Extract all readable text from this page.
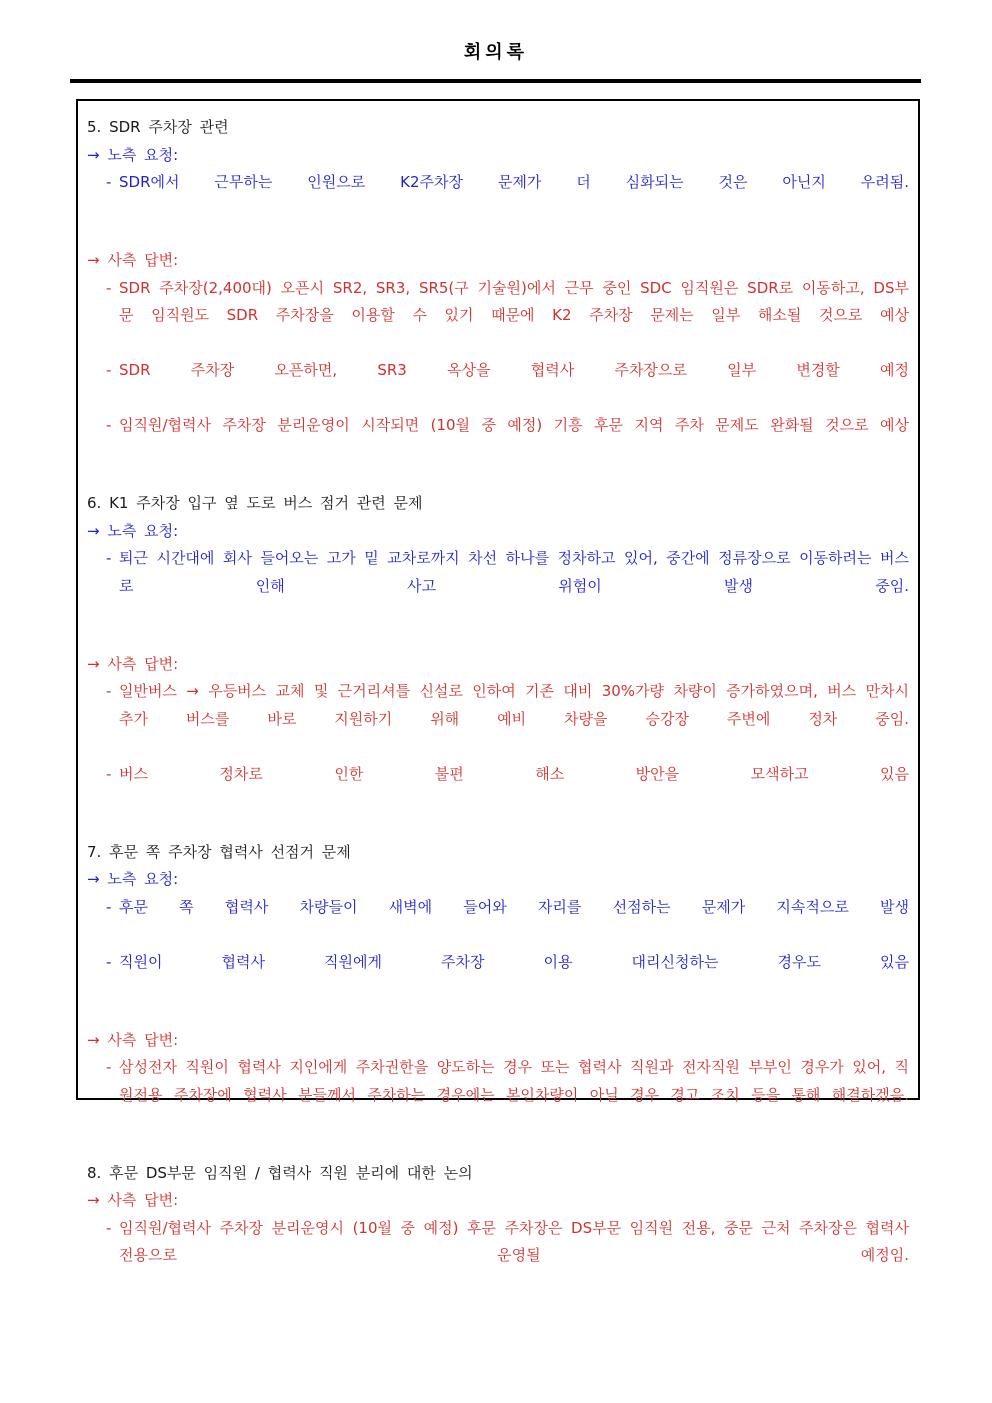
회의록
5. SDR 주차장 관련
→ 노측 요청:
- SDR에서 근무하는 인원으로 K2주차장 문제가 더 심화되는 것은 아닌지 우려됨.
→ 사측 답변:
- SDR 주차장(2,400대) 오픈시 SR2, SR3, SR5(구 기술원)에서 근무 중인 SDC 임직원은 SDR로 이동하고, DS부문 임직원도 SDR 주차장을 이용할 수 있기 때문에 K2 주차장 문제는 일부 해소될 것으로 예상
- SDR 주차장 오픈하면, SR3 옥상을 협력사 주차장으로 일부 변경할 예정
- 임직원/협력사 주차장 분리운영이 시작되면 (10월 중 예정) 기흥 후문 지역 주차 문제도 완화될 것으로 예상
6. K1 주차장 입구 옆 도로 버스 점거 관련 문제
→ 노측 요청:
- 퇴근 시간대에 회사 들어오는 고가 밑 교차로까지 차선 하나를 정차하고 있어, 중간에 정류장으로 이동하려는 버스로 인해 사고 위험이 발생 중임.
→ 사측 답변:
- 일반버스 → 우등버스 교체 및 근거리셔틀 신설로 인하여 기존 대비 30%가량 차량이 증가하였으며, 버스 만차시 추가 버스를 바로 지원하기 위해 예비 차량을 승강장 주변에 정차 중임.
- 버스 정차로 인한 불편 해소 방안을 모색하고 있음
7. 후문 쪽 주차장 협력사 선점거 문제
→ 노측 요청:
- 후문 쪽 협력사 차량들이 새벽에 들어와 자리를 선점하는 문제가 지속적으로 발생
- 직원이 협력사 직원에게 주차장 이용 대리신청하는 경우도 있음
→ 사측 답변:
- 삼성전자 직원이 협력사 지인에게 주차권한을 양도하는 경우 또는 협력사 직원과 전자직원 부부인 경우가 있어, 직원전용 주차장에 협력사 분들께서 주차하는 경우에는 본인차량이 아닐 경우 경고 조치 등을 통해 해결하겠음.
8. 후문 DS부문 임직원 / 협력사 직원 분리에 대한 논의
→ 사측 답변:
- 임직원/협력사 주차장 분리운영시 (10월 중 예정) 후문 주차장은 DS부문 임직원 전용, 중문 근처 주차장은 협력사 전용으로 운영될 예정임.
